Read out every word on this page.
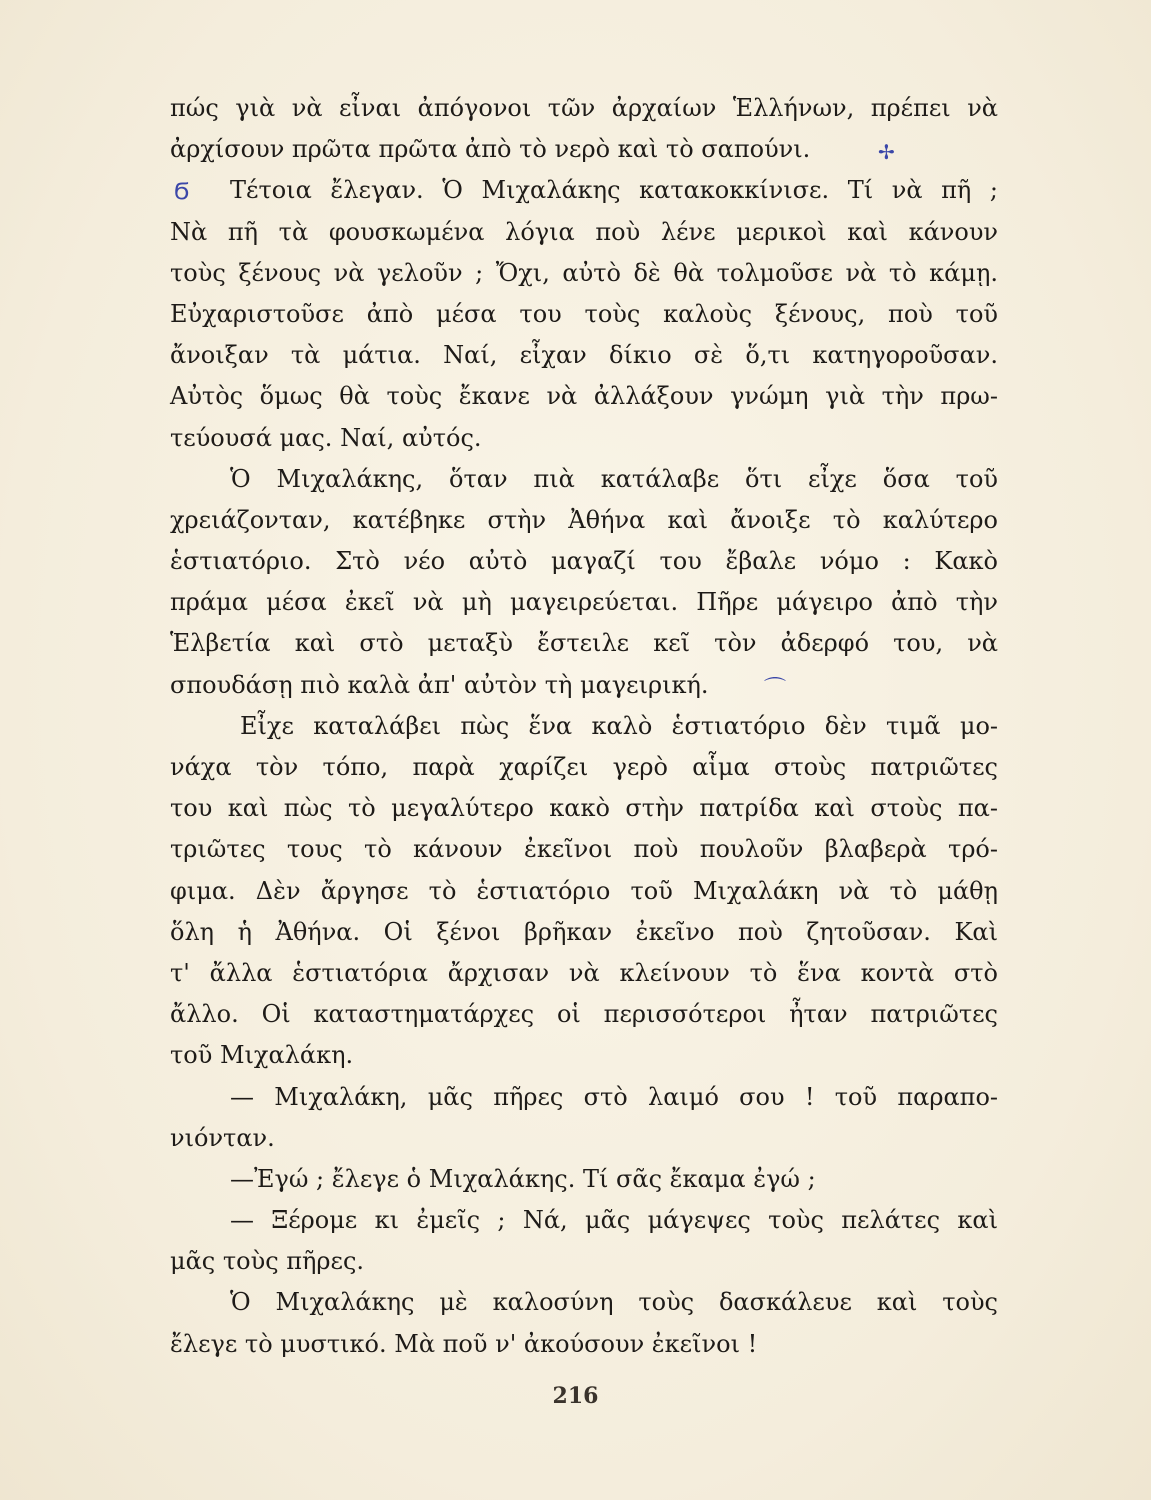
πώς γιὰ νὰ εἶναι ἀπόγονοι τῶν ἀρχαίων Ἑλλήνων, πρέπει νὰ
ἀρχίσουν πρῶτα πρῶτα ἀπὸ τὸ νερὸ καὶ τὸ σαπούνι.
Τέτοια ἔλεγαν. Ὁ Μιχαλάκης κατακοκκίνισε. Τί νὰ πῆ ;
Νὰ πῆ τὰ φουσκωμένα λόγια ποὺ λένε μερικοὶ καὶ κάνουν
τοὺς ξένους νὰ γελοῦν ; Ὄχι, αὐτὸ δὲ θὰ τολμοῦσε νὰ τὸ κάμῃ.
Εὐχαριστοῦσε ἀπὸ μέσα του τοὺς καλοὺς ξένους, ποὺ τοῦ
ἄνοιξαν τὰ μάτια. Ναί, εἶχαν δίκιο σὲ ὅ,τι κατηγοροῦσαν.
Αὐτὸς ὅμως θὰ τοὺς ἔκανε νὰ ἀλλάξουν γνώμη γιὰ τὴν πρω-
τεύουσά μας. Ναί, αὐτός.
Ὁ Μιχαλάκης, ὅταν πιὰ κατάλαβε ὅτι εἶχε ὅσα τοῦ
χρειάζονταν, κατέβηκε στὴν Ἀθήνα καὶ ἄνοιξε τὸ καλύτερο
ἑστιατόριο. Στὸ νέο αὐτὸ μαγαζί του ἔβαλε νόμο : Κακὸ
πράμα μέσα ἐκεῖ νὰ μὴ μαγειρεύεται. Πῆρε μάγειρο ἀπὸ τὴν
Ἑλβετία καὶ στὸ μεταξὺ ἔστειλε κεῖ τὸν ἀδερφό του, νὰ
σπουδάσῃ πιὸ καλὰ ἀπ' αὐτὸν τὴ μαγειρική.
Εἶχε καταλάβει πὼς ἕνα καλὸ ἑστιατόριο δὲν τιμᾶ μο-
νάχα τὸν τόπο, παρὰ χαρίζει γερὸ αἷμα στοὺς πατριῶτες
του καὶ πὼς τὸ μεγαλύτερο κακὸ στὴν πατρίδα καὶ στοὺς πα-
τριῶτες τους τὸ κάνουν ἐκεῖνοι ποὺ πουλοῦν βλαβερὰ τρό-
φιμα. Δὲν ἄργησε τὸ ἑστιατόριο τοῦ Μιχαλάκη νὰ τὸ μάθῃ
ὅλη ἡ Ἀθήνα. Οἱ ξένοι βρῆκαν ἐκεῖνο ποὺ ζητοῦσαν. Καὶ
τ' ἄλλα ἑστιατόρια ἄρχισαν νὰ κλείνουν τὸ ἕνα κοντὰ στὸ
ἄλλο. Οἱ καταστηματάρχες οἱ περισσότεροι ἦταν πατριῶτες
τοῦ Μιχαλάκη.
— Μιχαλάκη, μᾶς πῆρες στὸ λαιμό σου ! τοῦ παραπο-
νιόνταν.
—Ἐγώ ; ἔλεγε ὁ Μιχαλάκης. Τί σᾶς ἔκαμα ἐγώ ;
— Ξέρομε κι ἐμεῖς ; Νά, μᾶς μάγεψες τοὺς πελάτες καὶ
μᾶς τοὺς πῆρες.
Ὁ Μιχαλάκης μὲ καλοσύνη τοὺς δασκάλευε καὶ τοὺς
ἔλεγε τὸ μυστικό. Μὰ ποῦ ν' ἀκούσουν ἐκεῖνοι !
✢
Ϭ
⌒
216
